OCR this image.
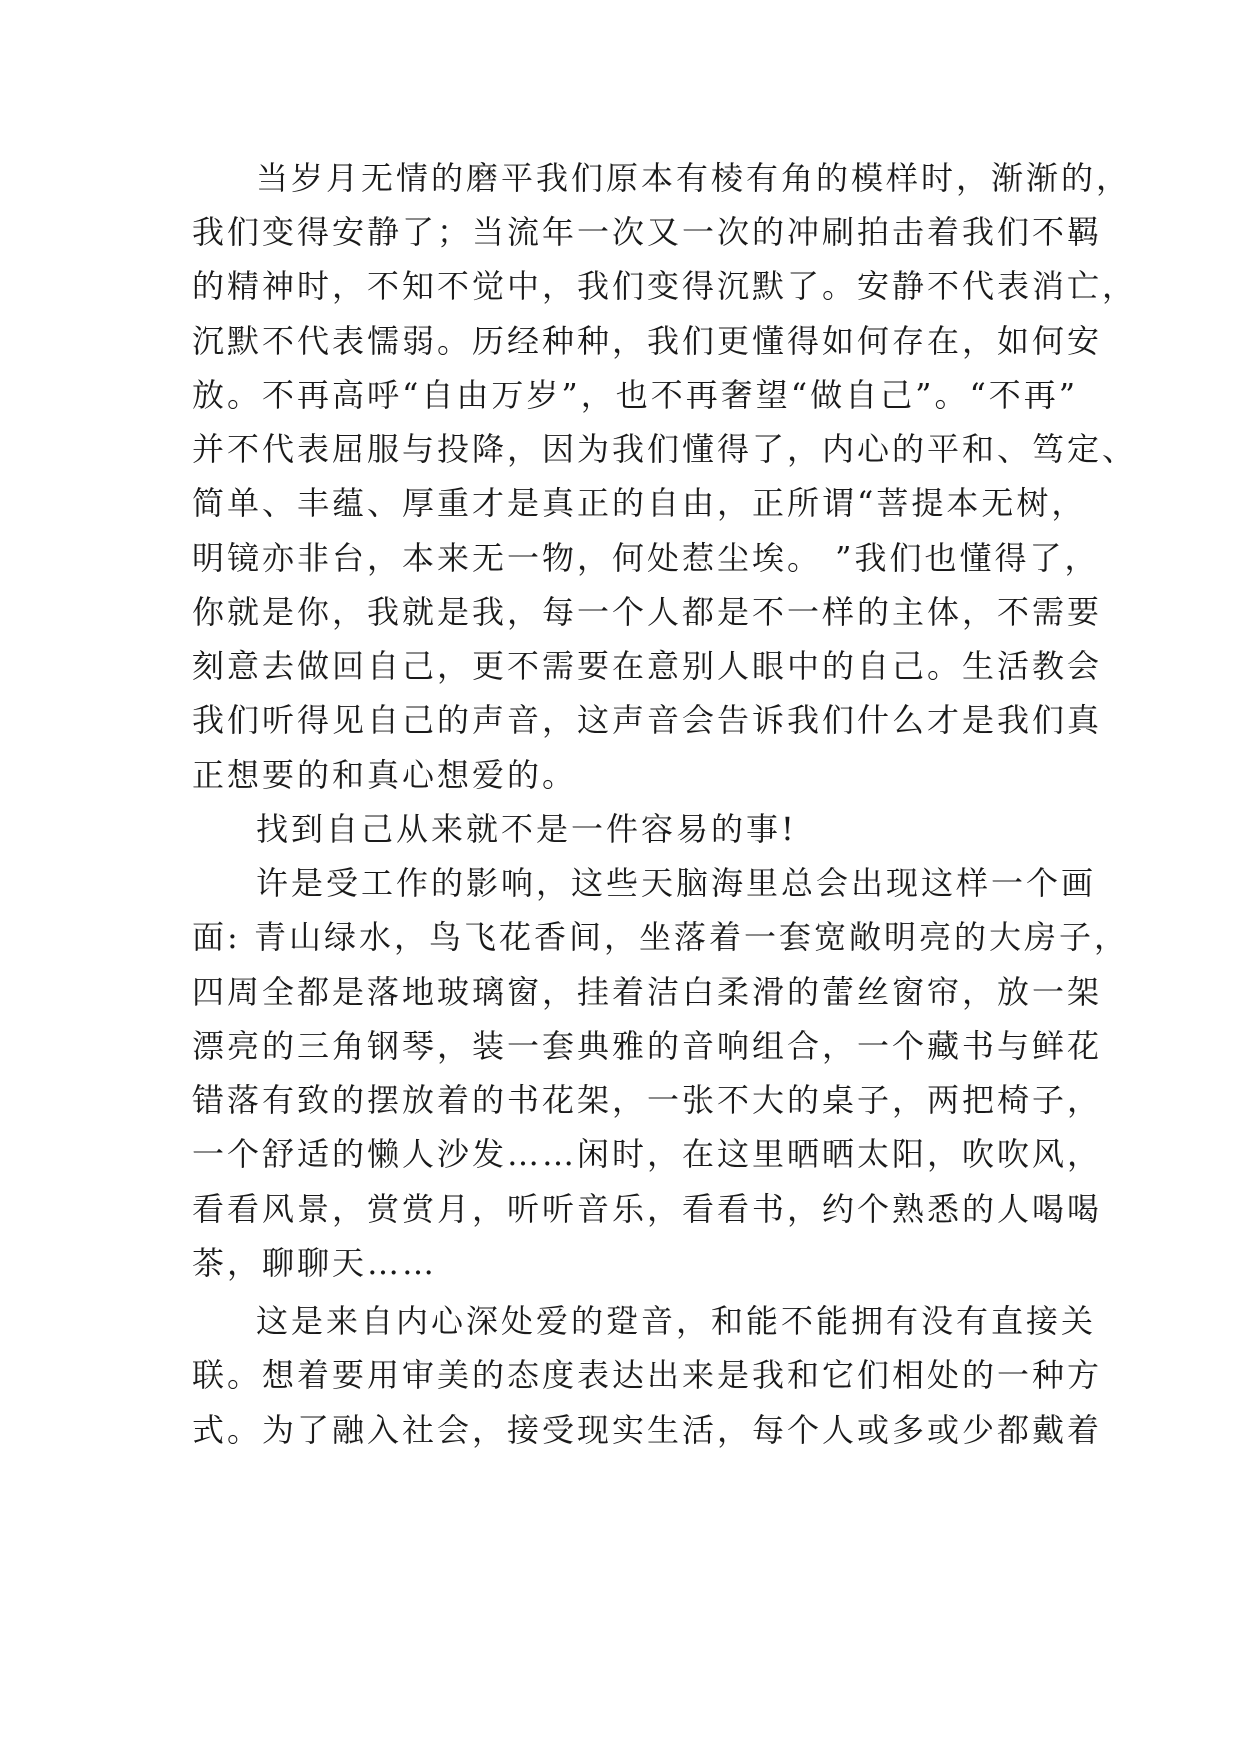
当岁月无情的磨平我们原本有棱有角的模样时，渐渐的，
我们变得安静了；当流年一次又一次的冲刷拍击着我们不羁
的精神时，不知不觉中，我们变得沉默了。安静不代表消亡，
沉默不代表懦弱。历经种种，我们更懂得如何存在，如何安
放。不再高呼“自由万岁”，也不再奢望“做自己”。“不再”
并不代表屈服与投降，因为我们懂得了，内心的平和、笃定、
简单、丰蕴、厚重才是真正的自由，正所谓“菩提本无树，
明镜亦非台，本来无一物，何处惹尘埃。 ”我们也懂得了，
你就是你，我就是我，每一个人都是不一样的主体，不需要
刻意去做回自己，更不需要在意别人眼中的自己。生活教会
我们听得见自己的声音，这声音会告诉我们什么才是我们真
正想要的和真心想爱的。
找到自己从来就不是一件容易的事!
许是受工作的影响，这些天脑海里总会出现这样一个画
面: 青山绿水，鸟飞花香间，坐落着一套宽敞明亮的大房子，
四周全都是落地玻璃窗，挂着洁白柔滑的蕾丝窗帘，放一架
漂亮的三角钢琴，装一套典雅的音响组合，一个藏书与鲜花
错落有致的摆放着的书花架，一张不大的桌子，两把椅子，
一个舒适的懒人沙发……闲时，在这里晒晒太阳，吹吹风，
看看风景，赏赏月，听听音乐，看看书，约个熟悉的人喝喝
茶，聊聊天……
这是来自内心深处爱的跫音，和能不能拥有没有直接关
联。想着要用审美的态度表达出来是我和它们相处的一种方
式。为了融入社会，接受现实生活，每个人或多或少都戴着
